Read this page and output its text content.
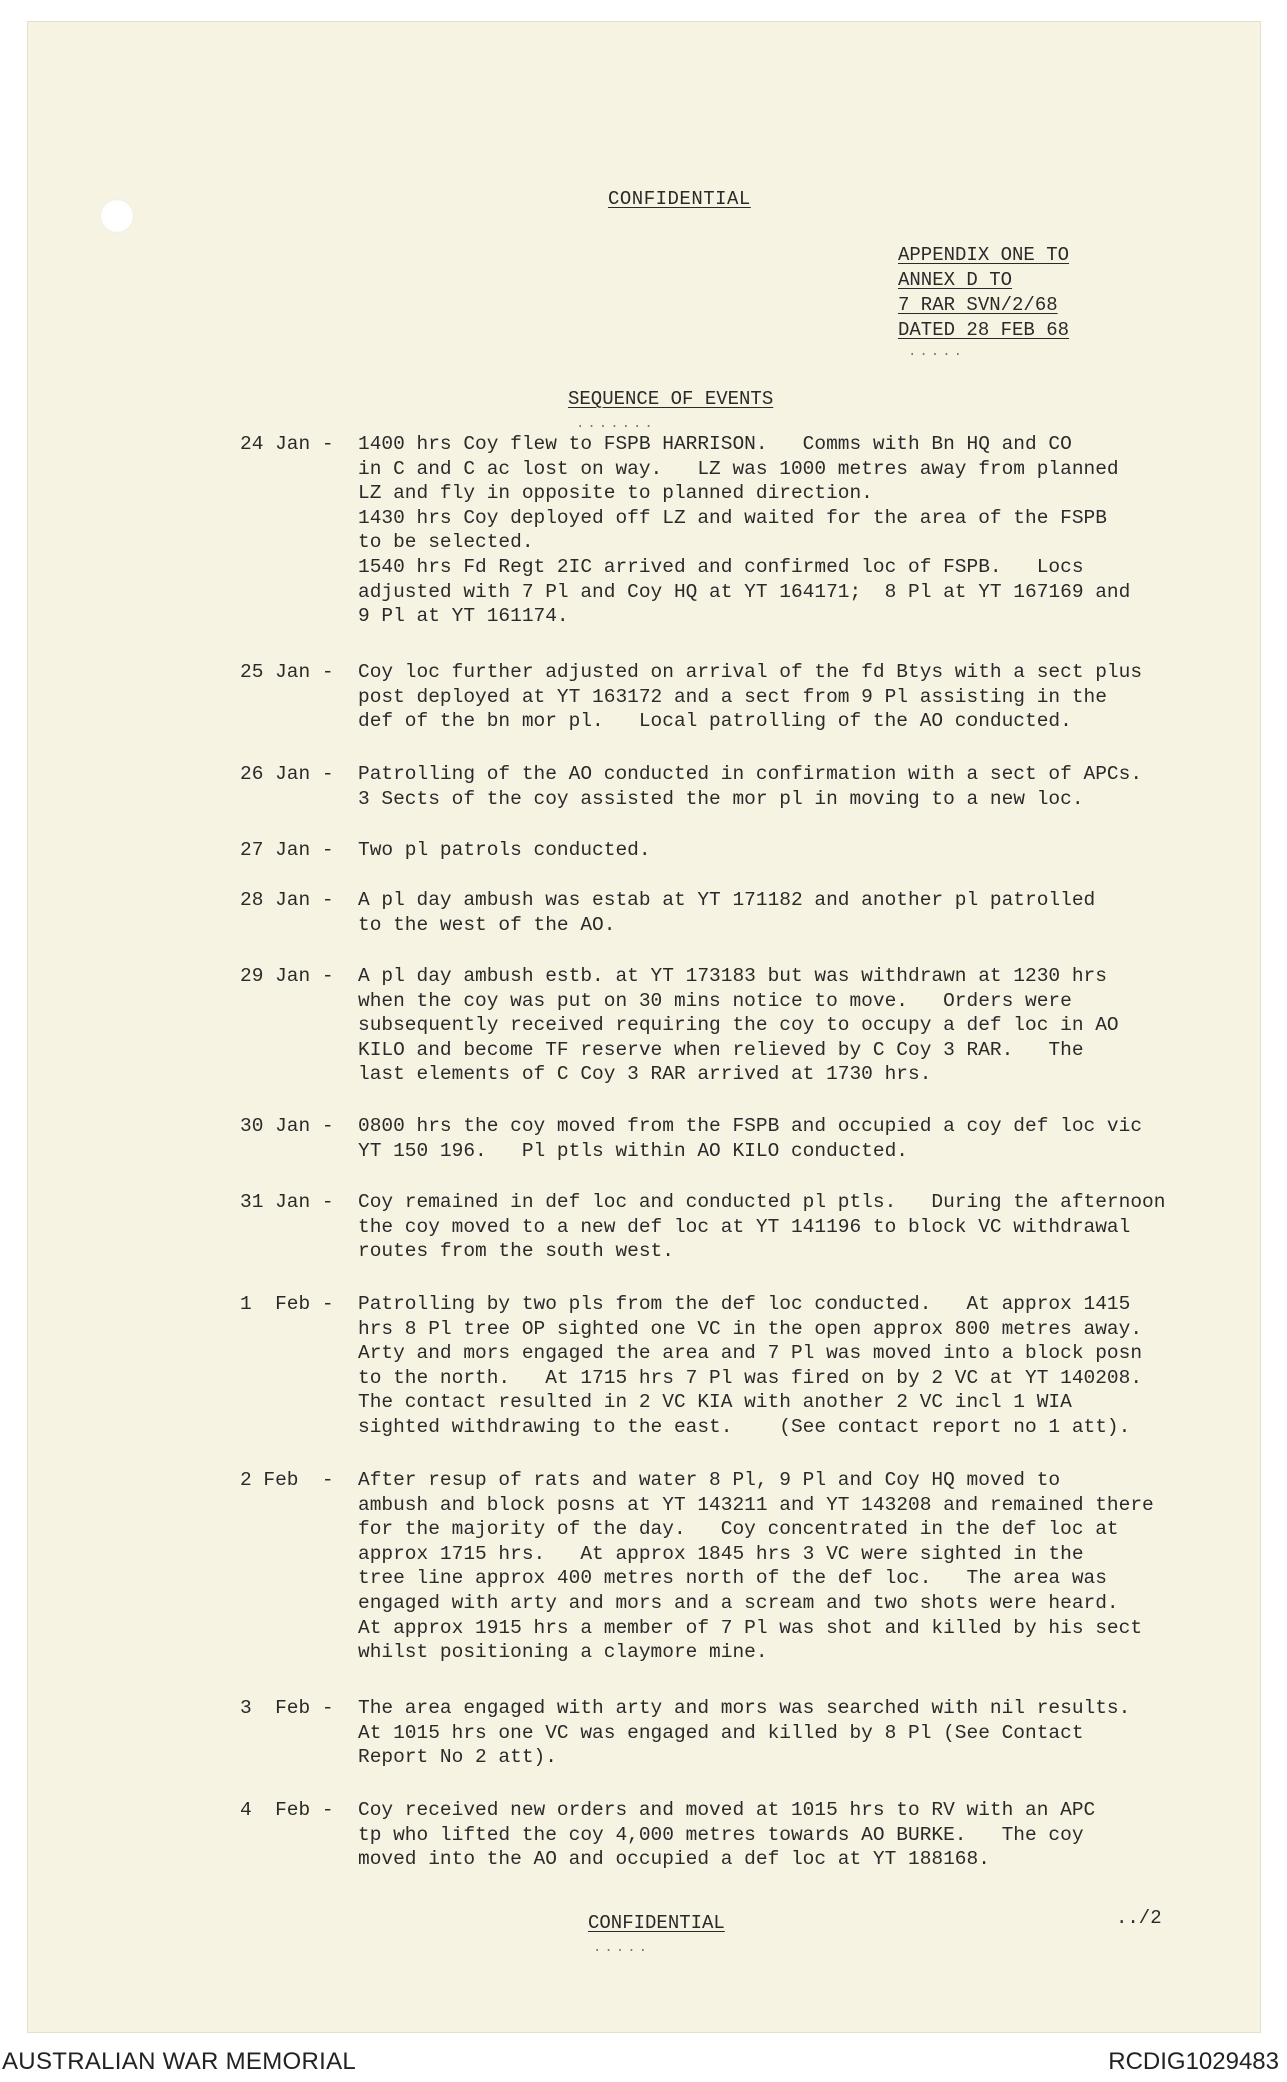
CONFIDENTIAL
APPENDIX ONE TO
ANNEX D TO
7 RAR SVN/2/68
DATED 28 FEB 68
.....
SEQUENCE OF EVENTS
.......
24 Jan -	1400 hrs Coy flew to FSPB HARRISON.   Comms with Bn HQ and CO
in C and C ac lost on way.   LZ was 1000 metres away from planned
LZ and fly in opposite to planned direction.
1430 hrs Coy deployed off LZ and waited for the area of the FSPB
to be selected.
1540 hrs Fd Regt 2IC arrived and confirmed loc of FSPB.   Locs
adjusted with 7 Pl and Coy HQ at YT 164171;  8 Pl at YT 167169 and
9 Pl at YT 161174.
25 Jan -	Coy loc further adjusted on arrival of the fd Btys with a sect plus
post deployed at YT 163172 and a sect from 9 Pl assisting in the
def of the bn mor pl.   Local patrolling of the AO conducted.
26 Jan -	Patrolling of the AO conducted in confirmation with a sect of APCs.
3 Sects of the coy assisted the mor pl in moving to a new loc.
27 Jan -	Two pl patrols conducted.
28 Jan -	A pl day ambush was estab at YT 171182 and another pl patrolled
to the west of the AO.
29 Jan -	A pl day ambush estb. at YT 173183 but was withdrawn at 1230 hrs
when the coy was put on 30 mins notice to move.   Orders were
subsequently received requiring the coy to occupy a def loc in AO
KILO and become TF reserve when relieved by C Coy 3 RAR.   The
last elements of C Coy 3 RAR arrived at 1730 hrs.
30 Jan -	0800 hrs the coy moved from the FSPB and occupied a coy def loc vic
YT 150 196.   Pl ptls within AO KILO conducted.
31 Jan -	Coy remained in def loc and conducted pl ptls.   During the afternoon
the coy moved to a new def loc at YT 141196 to block VC withdrawal
routes from the south west.
1  Feb -	Patrolling by two pls from the def loc conducted.   At approx 1415
hrs 8 Pl tree OP sighted one VC in the open approx 800 metres away.
Arty and mors engaged the area and 7 Pl was moved into a block posn
to the north.   At 1715 hrs 7 Pl was fired on by 2 VC at YT 140208.
The contact resulted in 2 VC KIA with another 2 VC incl 1 WIA
sighted withdrawing to the east.    (See contact report no 1 att).
2 Feb  -	After resup of rats and water 8 Pl, 9 Pl and Coy HQ moved to
ambush and block posns at YT 143211 and YT 143208 and remained there
for the majority of the day.   Coy concentrated in the def loc at
approx 1715 hrs.   At approx 1845 hrs 3 VC were sighted in the
tree line approx 400 metres north of the def loc.   The area was
engaged with arty and mors and a scream and two shots were heard.
At approx 1915 hrs a member of 7 Pl was shot and killed by his sect
whilst positioning a claymore mine.
3  Feb -	The area engaged with arty and mors was searched with nil results.
At 1015 hrs one VC was engaged and killed by 8 Pl (See Contact
Report No 2 att).
4  Feb -	Coy received new orders and moved at 1015 hrs to RV with an APC
tp who lifted the coy 4,000 metres towards AO BURKE.   The coy
moved into the AO and occupied a def loc at YT 188168.
CONFIDENTIAL
.....
../2
AUSTRALIAN WAR MEMORIAL	RCDIG1029483
